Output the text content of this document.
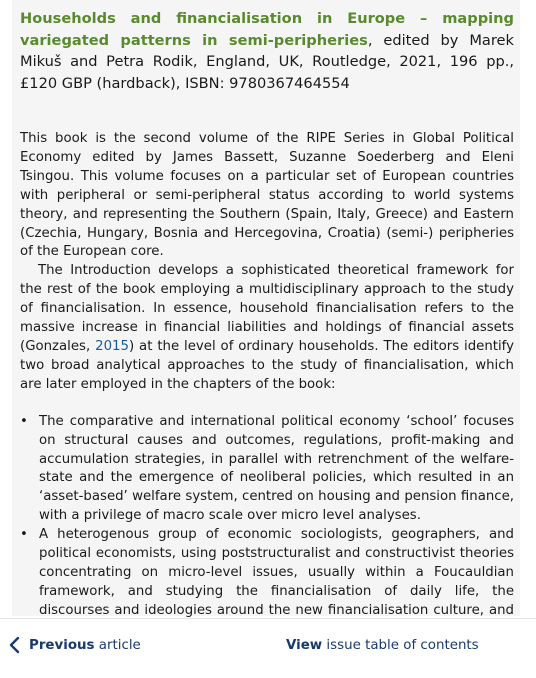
Households and financialisation in Europe – mapping variegated patterns in semi-peripheries, edited by Marek Mikuš and Petra Rodik, England, UK, Routledge, 2021, 196 pp., £120 GBP (hardback), ISBN: 9780367464554

This book is the second volume of the RIPE Series in Global Political Economy edited by James Bassett, Suzanne Soederberg and Eleni Tsingou. This volume focuses on a particular set of European countries with peripheral or semi-peripheral status according to world systems theory, and representing the Southern (Spain, Italy, Greece) and Eastern (Czechia, Hungary, Bosnia and Hercegovina, Croatia) (semi-) peripheries of the European core.

The Introduction develops a sophisticated theoretical framework for the rest of the book employing a multidisciplinary approach to the study of financialisation. In essence, household financialisation refers to the massive increase in financial liabilities and holdings of financial assets (Gonzales, 2015) at the level of ordinary households. The editors identify two broad analytical approaches to the study of financialisation, which are later employed in the chapters of the book:

• The comparative and international political economy ‘school’ focuses on structural causes and outcomes, regulations, profit-making and accumulation strategies, in parallel with retrenchment of the welfare-state and the emergence of neoliberal policies, which resulted in an ‘asset-based’ welfare system, centred on housing and pension finance, with a privilege of macro scale over micro level analyses.
• A heterogenous group of economic sociologists, geographers, and political economists, using poststructuralist and constructivist theories concentrating on micro-level issues, usually within a Foucauldian framework, and studying the financialisation of daily life, the discourses and ideologies around the new financialisation culture, and
Previous article	View issue table of contents
